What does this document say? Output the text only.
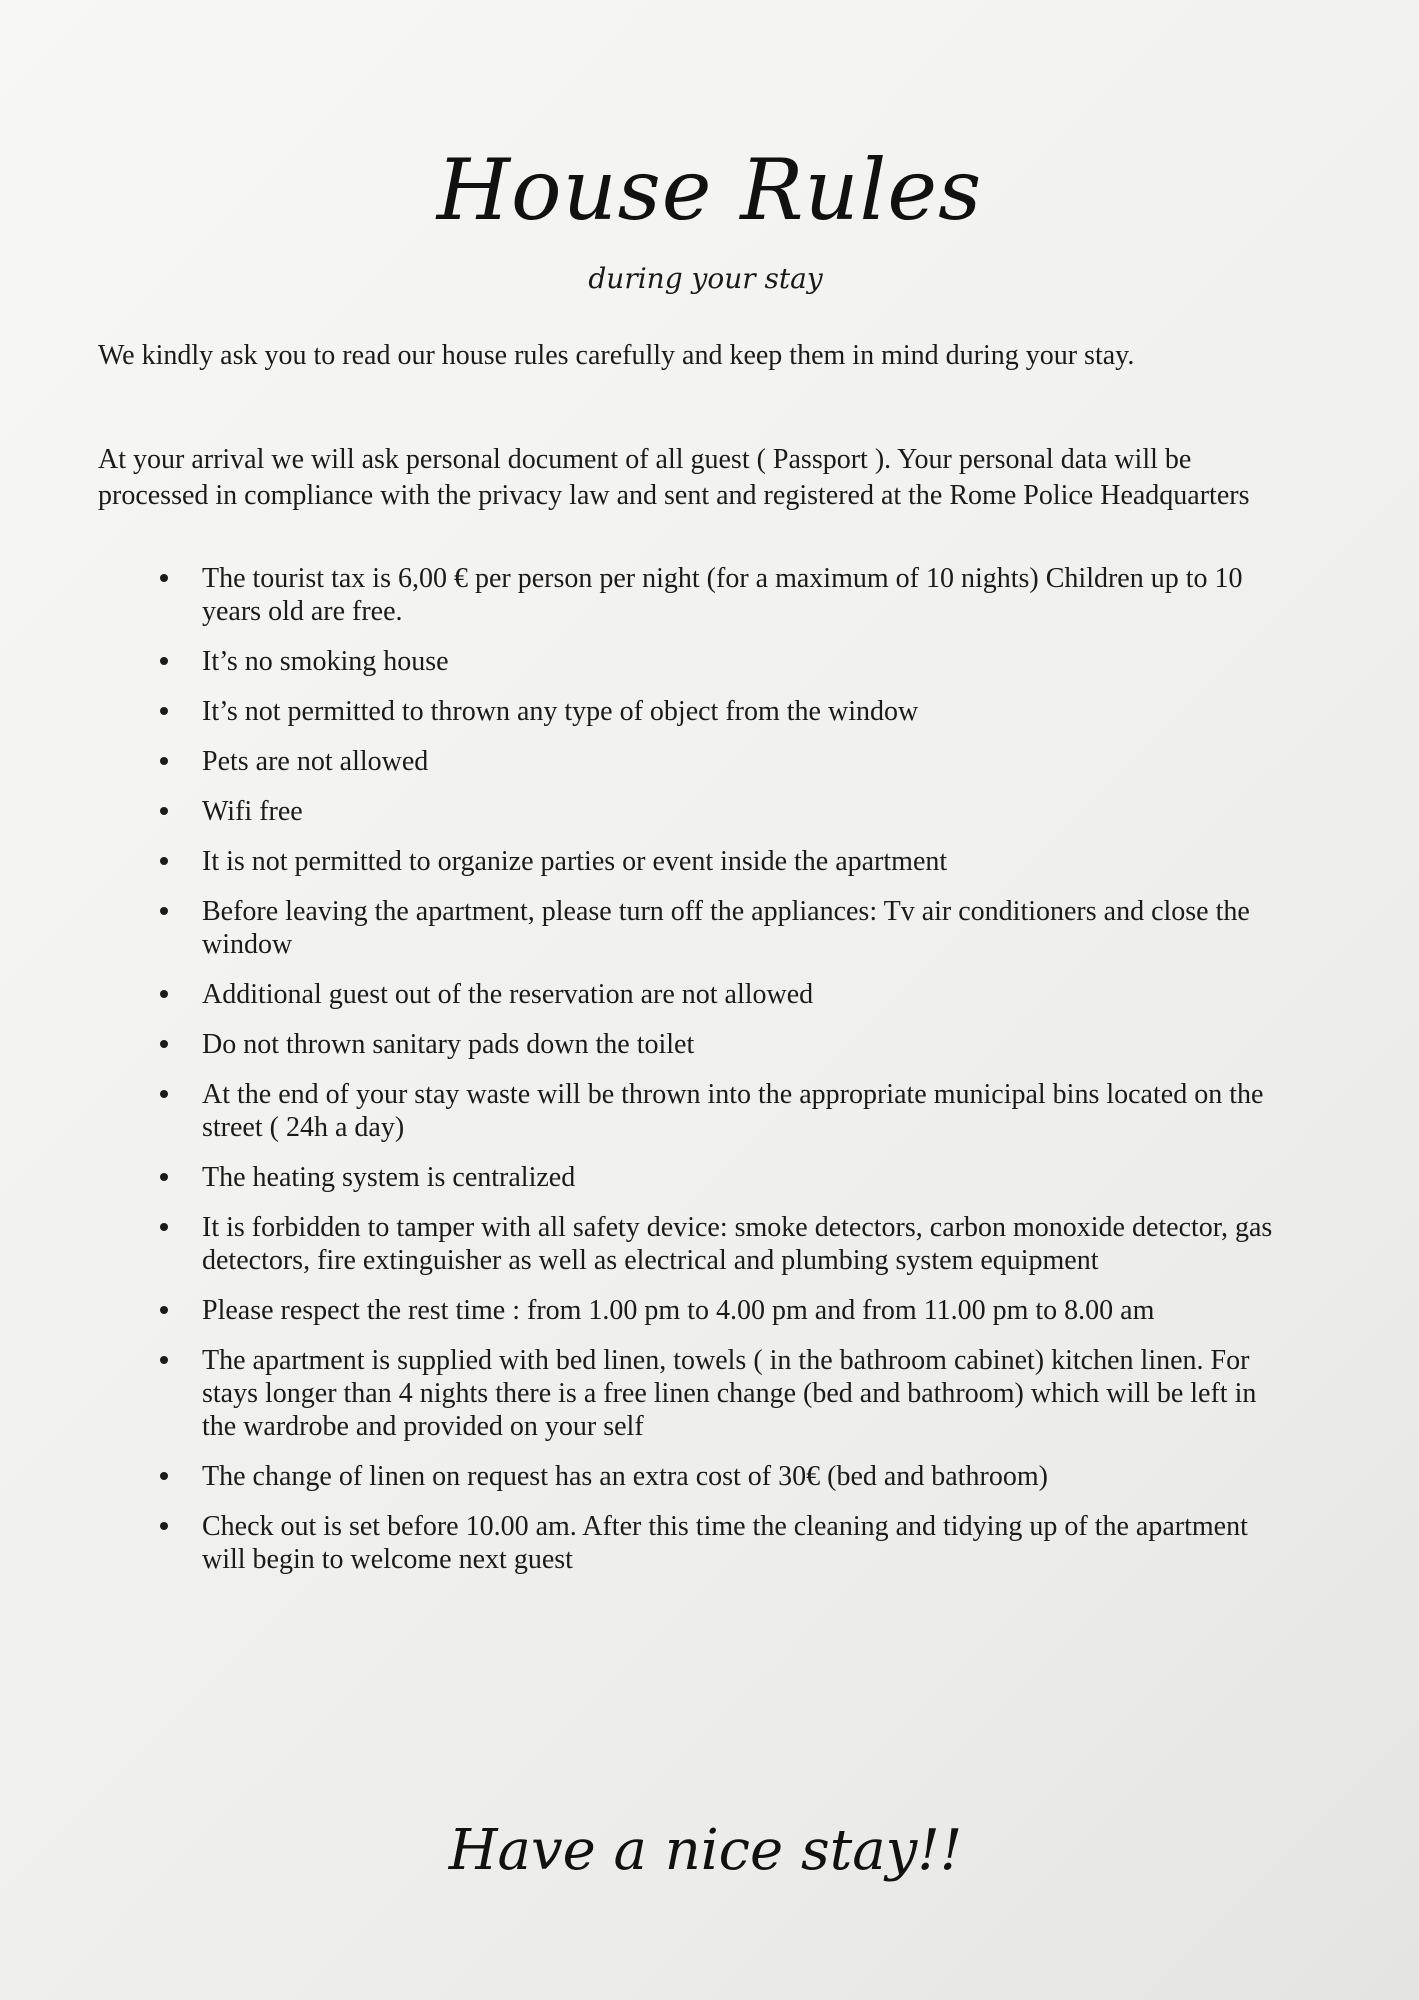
House Rules
during your stay

We kindly ask you to read our house rules carefully and keep them in mind during your stay.

At your arrival we will ask personal document of all guest ( Passport ). Your personal data will be processed in compliance with the privacy law and sent and registered at the Rome Police Headquarters

The tourist tax is 6,00 € per person per night (for a maximum of 10 nights) Children up to 10 years old are free.
It’s no smoking house
It’s not permitted to thrown any type of object from the window
Pets are not allowed
Wifi free
It is not permitted to organize parties or event inside the apartment
Before leaving the apartment, please turn off the appliances: Tv air conditioners and close the window
Additional guest out of the reservation are not allowed
Do not thrown sanitary pads down the toilet
At the end of your stay waste will be thrown into the appropriate municipal bins located on the street ( 24h a day)
The heating system is centralized
It is forbidden to tamper with all safety device: smoke detectors, carbon monoxide detector, gas detectors, fire extinguisher as well as electrical and plumbing system equipment
Please respect the rest time : from 1.00 pm to 4.00 pm and from 11.00 pm to 8.00 am
The apartment is supplied with bed linen, towels ( in the bathroom cabinet) kitchen linen. For stays longer than 4 nights there is a free linen change (bed and bathroom) which will be left in the wardrobe and provided on your self
The change of linen on request has an extra cost of 30€ (bed and bathroom)
Check out is set before 10.00 am. After this time the cleaning and tidying up of the apartment will begin to welcome next guest
Have a nice stay!!
